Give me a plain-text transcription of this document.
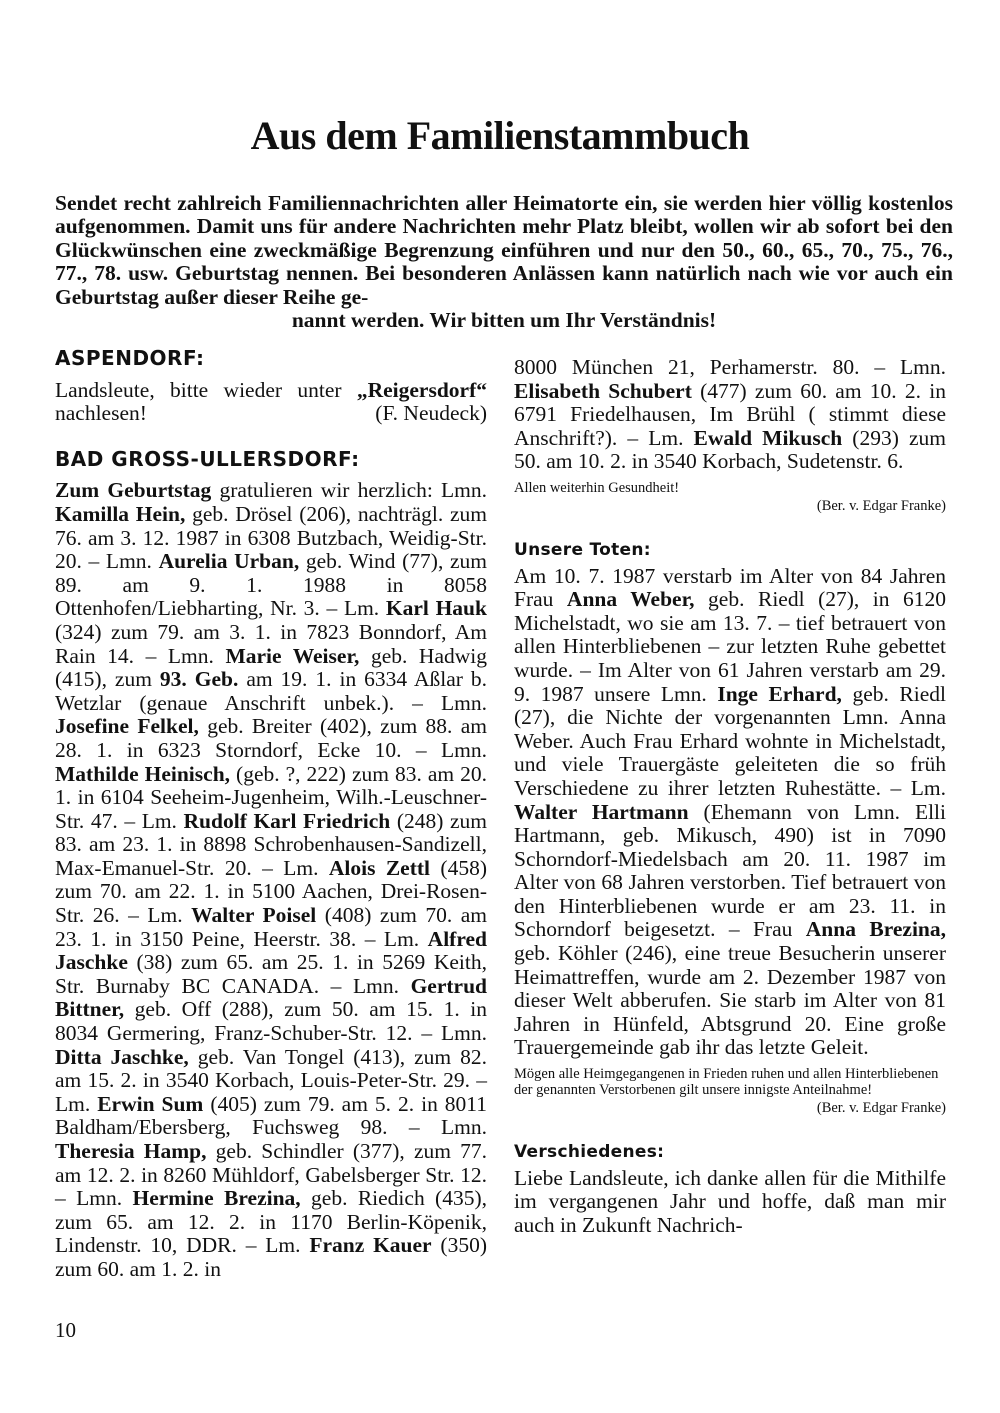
Aus dem Familienstammbuch
Sendet recht zahlreich Familiennachrichten aller Heimatorte ein, sie werden hier völlig kostenlos aufgenommen. Damit uns für andere Nachrichten mehr Platz bleibt, wollen wir ab sofort bei den Glückwünschen eine zweckmäßige Begrenzung einführen und nur den 50., 60., 65., 70., 75., 76., 77., 78. usw. Geburtstag nennen. Bei besonderen Anlässen kann natürlich nach wie vor auch ein Geburtstag außer dieser Reihe ge-
nannt werden. Wir bitten um Ihr Verständnis!
ASPENDORF:

Landsleute, bitte wieder unter „Reigersdorf“ nachlesen!	(F. Neudeck)
BAD GROSS-ULLERSDORF:

Zum Geburtstag gratulieren wir herzlich: Lmn. Kamilla Hein, geb. Drösel (206), nachträgl. zum 76. am 3. 12. 1987 in 6308 Butzbach, Weidig-Str. 20. – Lmn. Aurelia Urban, geb. Wind (77), zum 89. am 9. 1. 1988 in 8058 Ottenhofen/Liebharting, Nr. 3. – Lm. Karl Hauk (324) zum 79. am 3. 1. in 7823 Bonndorf, Am Rain 14. – Lmn. Marie Weiser, geb. Hadwig (415), zum 93. Geb. am 19. 1. in 6334 Aßlar b. Wetzlar (genaue Anschrift unbek.). – Lmn. Josefine Felkel, geb. Breiter (402), zum 88. am 28. 1. in 6323 Storndorf, Ecke 10. – Lmn. Mathilde Heinisch, (geb. ?, 222) zum 83. am 20. 1. in 6104 Seeheim-Jugenheim, Wilh.-Leuschner-Str. 47. – Lm. Rudolf Karl Friedrich (248) zum 83. am 23. 1. in 8898 Schrobenhausen-Sandizell, Max-Emanuel-Str. 20. – Lm. Alois Zettl (458) zum 70. am 22. 1. in 5100 Aachen, Drei-Rosen-Str. 26. – Lm. Walter Poisel (408) zum 70. am 23. 1. in 3150 Peine, Heerstr. 38. – Lm. Alfred Jaschke (38) zum 65. am 25. 1. in 5269 Keith, Str. Burnaby BC CANADA. – Lmn. Gertrud Bittner, geb. Off (288), zum 50. am 15. 1. in 8034 Germering, Franz-Schuber-Str. 12. – Lmn. Ditta Jaschke, geb. Van Tongel (413), zum 82. am 15. 2. in 3540 Korbach, Louis-Peter-Str. 29. – Lm. Erwin Sum (405) zum 79. am 5. 2. in 8011 Baldham/Ebersberg, Fuchsweg 98. – Lmn. Theresia Hamp, geb. Schindler (377), zum 77. am 12. 2. in 8260 Mühldorf, Gabelsberger Str. 12. – Lmn. Hermine Brezina, geb. Riedich (435), zum 65. am 12. 2. in 1170 Berlin-Köpenik, Lindenstr. 10, DDR. – Lm. Franz Kauer (350) zum 60. am 1. 2. in

8000 München 21, Perhamerstr. 80. – Lmn. Elisabeth Schubert (477) zum 60. am 10. 2. in 6791 Friedelhausen, Im Brühl ( stimmt diese Anschrift?). – Lm. Ewald Mikusch (293) zum 50. am 10. 2. in 3540 Korbach, Sudetenstr. 6.

Allen weiterhin Gesundheit!
(Ber. v. Edgar Franke)
Unsere Toten:

Am 10. 7. 1987 verstarb im Alter von 84 Jahren Frau Anna Weber, geb. Riedl (27), in 6120 Michelstadt, wo sie am 13. 7. – tief betrauert von allen Hinterbliebenen – zur letzten Ruhe gebettet wurde. – Im Alter von 61 Jahren verstarb am 29. 9. 1987 unsere Lmn. Inge Erhard, geb. Riedl (27), die Nichte der vorgenannten Lmn. Anna Weber. Auch Frau Erhard wohnte in Michelstadt, und viele Trauergäste geleiteten die so früh Verschiedene zu ihrer letzten Ruhestätte. – Lm. Walter Hartmann (Ehemann von Lmn. Elli Hartmann, geb. Mikusch, 490) ist in 7090 Schorndorf-Miedelsbach am 20. 11. 1987 im Alter von 68 Jahren verstorben. Tief betrauert von den Hinterbliebenen wurde er am 23. 11. in Schorndorf beigesetzt. – Frau Anna Brezina, geb. Köhler (246), eine treue Besucherin unserer Heimattreffen, wurde am 2. Dezember 1987 von dieser Welt abberufen. Sie starb im Alter von 81 Jahren in Hünfeld, Abtsgrund 20. Eine große Trauergemeinde gab ihr das letzte Geleit.

Mögen alle Heimgegangenen in Frieden ruhen und allen Hinterbliebenen der genannten Verstorbenen gilt unsere innigste Anteilnahme!
(Ber. v. Edgar Franke)
Verschiedenes:

Liebe Landsleute, ich danke allen für die Mithilfe im vergangenen Jahr und hoffe, daß man mir auch in Zukunft Nachrich-

10
